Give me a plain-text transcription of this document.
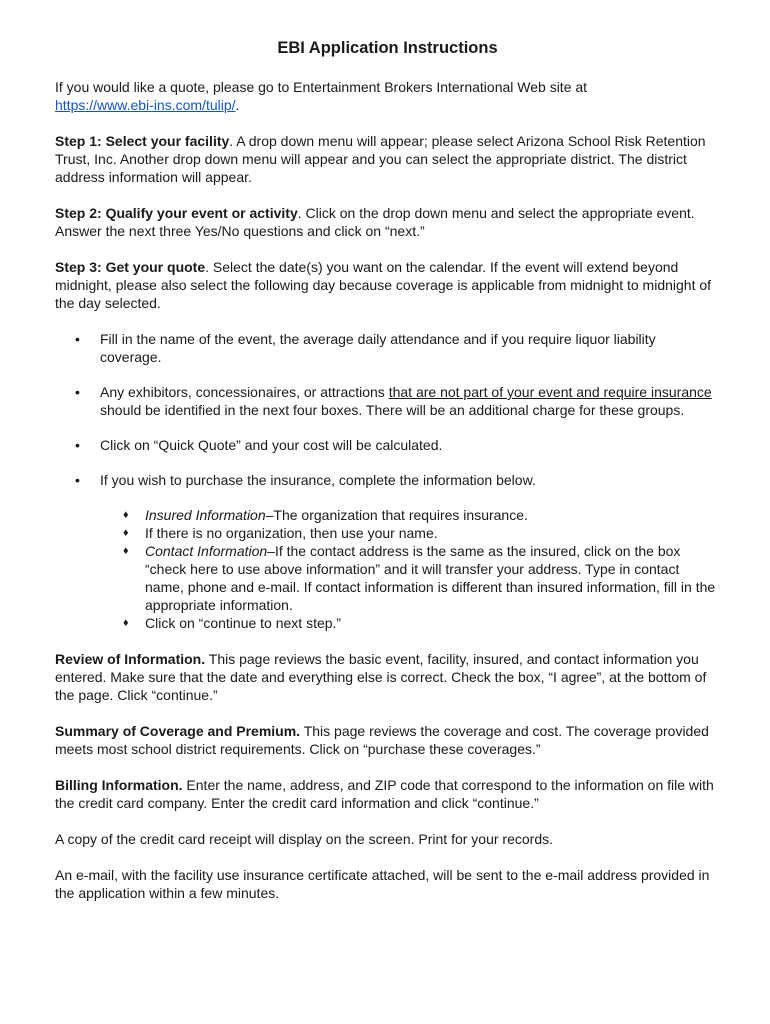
EBI Application Instructions

If you would like a quote, please go to Entertainment Brokers International Web site at
https://www.ebi-ins.com/tulip/.

Step 1: Select your facility. A drop down menu will appear; please select Arizona School Risk Retention Trust, Inc. Another drop down menu will appear and you can select the appropriate district. The district address information will appear.

Step 2: Qualify your event or activity. Click on the drop down menu and select the appropriate event. Answer the next three Yes/No questions and click on “next.”

Step 3: Get your quote. Select the date(s) you want on the calendar. If the event will extend beyond midnight, please also select the following day because coverage is applicable from midnight to midnight of the day selected.

• Fill in the name of the event, the average daily attendance and if you require liquor liability coverage.
• Any exhibitors, concessionaires, or attractions that are not part of your event and require insurance should be identified in the next four boxes. There will be an additional charge for these groups.
• Click on “Quick Quote” and your cost will be calculated.
• If you wish to purchase the insurance, complete the information below.
♦ Insured Information–The organization that requires insurance.
♦ If there is no organization, then use your name.
♦ Contact Information–If the contact address is the same as the insured, click on the box “check here to use above information” and it will transfer your address. Type in contact name, phone and e-mail. If contact information is different than insured information, fill in the appropriate information.
♦ Click on “continue to next step.”

Review of Information. This page reviews the basic event, facility, insured, and contact information you entered. Make sure that the date and everything else is correct. Check the box, “I agree”, at the bottom of the page. Click “continue.”

Summary of Coverage and Premium. This page reviews the coverage and cost. The coverage provided meets most school district requirements. Click on “purchase these coverages.”

Billing Information. Enter the name, address, and ZIP code that correspond to the information on file with the credit card company. Enter the credit card information and click “continue.”

A copy of the credit card receipt will display on the screen. Print for your records.

An e-mail, with the facility use insurance certificate attached, will be sent to the e-mail address provided in the application within a few minutes.
